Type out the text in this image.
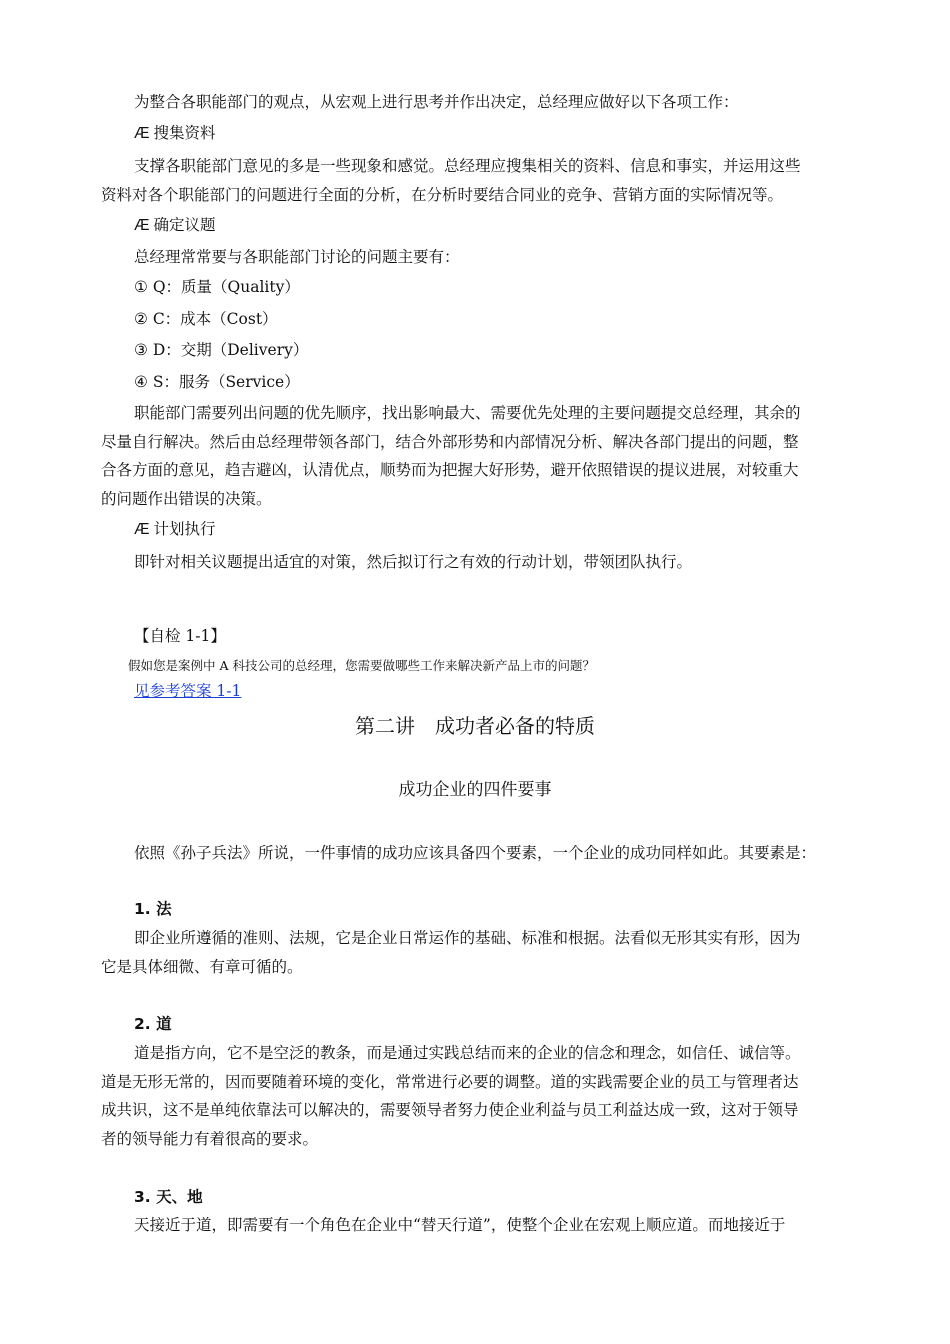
为整合各职能部门的观点，从宏观上进行思考并作出决定，总经理应做好以下各项工作：
Æ 搜集资料
支撑各职能部门意见的多是一些现象和感觉。总经理应搜集相关的资料、信息和事实，并运用这些
资料对各个职能部门的问题进行全面的分析，在分析时要结合同业的竞争、营销方面的实际情况等。
Æ 确定议题
总经理常常要与各职能部门讨论的问题主要有：
① Q：质量（Quality）
② C：成本（Cost）
③ D：交期（Delivery）
④ S：服务（Service）
职能部门需要列出问题的优先顺序，找出影响最大、需要优先处理的主要问题提交总经理，其余的
尽量自行解决。然后由总经理带领各部门，结合外部形势和内部情况分析、解决各部门提出的问题，整
合各方面的意见，趋吉避凶，认清优点，顺势而为把握大好形势，避开依照错误的提议进展，对较重大
的问题作出错误的决策。
Æ 计划执行
即针对相关议题提出适宜的对策，然后拟订行之有效的行动计划，带领团队执行。
【自检 1-1】
假如您是案例中 A 科技公司的总经理，您需要做哪些工作来解决新产品上市的问题？
见参考答案 1-1
第二讲　成功者必备的特质
成功企业的四件要事
依照《孙子兵法》所说，一件事情的成功应该具备四个要素，一个企业的成功同样如此。其要素是：
1. 法
即企业所遵循的准则、法规，它是企业日常运作的基础、标准和根据。法看似无形其实有形，因为
它是具体细微、有章可循的。
2. 道
道是指方向，它不是空泛的教条，而是通过实践总结而来的企业的信念和理念，如信任、诚信等。
道是无形无常的，因而要随着环境的变化，常常进行必要的调整。道的实践需要企业的员工与管理者达
成共识，这不是单纯依靠法可以解决的，需要领导者努力使企业利益与员工利益达成一致，这对于领导
者的领导能力有着很高的要求。
3. 天、地
天接近于道，即需要有一个角色在企业中“替天行道”，使整个企业在宏观上顺应道。而地接近于
